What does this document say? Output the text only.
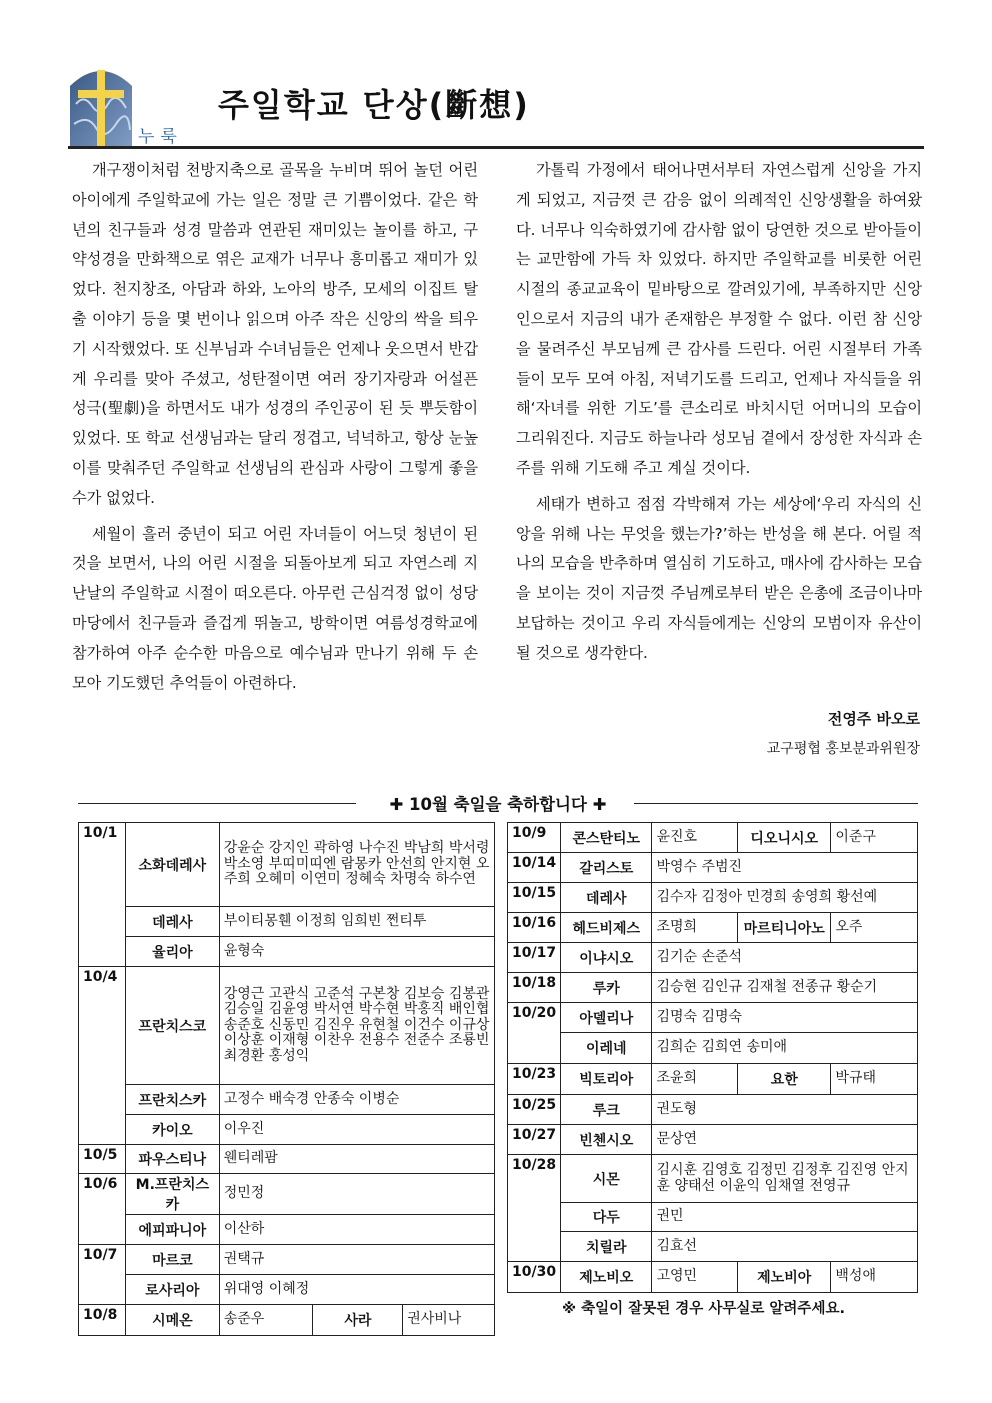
누룩
주일학교 단상(斷想)

개구쟁이처럼 천방지축으로 골목을 누비며 뛰어 놀던 어린아이에게 주일학교에 가는 일은 정말 큰 기쁨이었다. 같은 학년의 친구들과 성경 말씀과 연관된 재미있는 놀이를 하고, 구약성경을 만화책으로 엮은 교재가 너무나 흥미롭고 재미가 있었다. 천지창조, 아담과 하와, 노아의 방주, 모세의 이집트 탈출 이야기 등을 몇 번이나 읽으며 아주 작은 신앙의 싹을 틔우기 시작했었다. 또 신부님과 수녀님들은 언제나 웃으면서 반갑게 우리를 맞아 주셨고, 성탄절이면 여러 장기자랑과 어설픈 성극(聖劇)을 하면서도 내가 성경의 주인공이 된 듯 뿌듯함이 있었다. 또 학교 선생님과는 달리 정겹고, 넉넉하고, 항상 눈높이를 맞춰주던 주일학교 선생님의 관심과 사랑이 그렇게 좋을 수가 없었다.

세월이 흘러 중년이 되고 어린 자녀들이 어느덧 청년이 된 것을 보면서, 나의 어린 시절을 되돌아보게 되고 자연스레 지난날의 주일학교 시절이 떠오른다. 아무런 근심걱정 없이 성당 마당에서 친구들과 즐겁게 뛰놀고, 방학이면 여름성경학교에 참가하여 아주 순수한 마음으로 예수님과 만나기 위해 두 손 모아 기도했던 추억들이 아련하다.

가톨릭 가정에서 태어나면서부터 자연스럽게 신앙을 가지게 되었고, 지금껏 큰 감응 없이 의례적인 신앙생활을 하여왔다. 너무나 익숙하였기에 감사함 없이 당연한 것으로 받아들이는 교만함에 가득 차 있었다. 하지만 주일학교를 비롯한 어린 시절의 종교교육이 밑바탕으로 깔려있기에, 부족하지만 신앙인으로서 지금의 내가 존재함은 부정할 수 없다. 이런 참 신앙을 물려주신 부모님께 큰 감사를 드린다. 어린 시절부터 가족들이 모두 모여 아침, 저녁기도를 드리고, 언제나 자식들을 위해‘자녀를 위한 기도’를 큰소리로 바치시던 어머니의 모습이 그리워진다. 지금도 하늘나라 성모님 곁에서 장성한 자식과 손주를 위해 기도해 주고 계실 것이다.

세태가 변하고 점점 각박해져 가는 세상에‘우리 자식의 신앙을 위해 나는 무엇을 했는가?’하는 반성을 해 본다. 어릴 적 나의 모습을 반추하며 열심히 기도하고, 매사에 감사하는 모습을 보이는 것이 지금껏 주님께로부터 받은 은총에 조금이나마 보답하는 것이고 우리 자식들에게는 신앙의 모범이자 유산이 될 것으로 생각한다.

전영주 바오로
교구평협 홍보분과위원장
✚ 10월 축일을 축하합니다 ✚
10/1	소화데레사	강윤순 강지인 곽하영 나수진 박남희 박서령 박소영 부띠미띠엔 람몽카 안선희 안지현 오주희 오혜미 이연미 정혜숙 차명숙 하수연		
	데레사	부이티몽휀 이정희 임희빈 쩐티투		
	율리아	윤형숙		
10/4	프란치스코	강영근 고관식 고준석 구본창 김보승 김봉관 김승일 김윤영 박서연 박수현 박홍직 배인협 송준호 신동민 김진우 유현철 이건수 이규상 이상훈 이재형 이찬우 전용수 전준수 조룡빈 최경환 홍성익		
	프란치스카	고정수 배숙경 안종숙 이병순		
	카이오	이우진		
10/5	파우스티나	웬티레팜		
10/6	M.프란치스카	정민정		
	에피파니아	이산하		
10/7	마르코	권택규		
	로사리아	위대영 이혜정		
10/8	시메온	송준우	사라	권사비나
10/9	콘스탄티노	윤진호	디오니시오	이준구
10/14	갈리스토	박영수 주범진		
10/15	데레사	김수자 김정아 민경희 송영희 황선예		
10/16	헤드비제스	조명희	마르티니아노	오주
10/17	이냐시오	김기순 손준석		
10/18	루카	김승현 김인규 김재철 전종규 황순기		
10/20	아델리나	김명숙 김명숙		
	이레네	김희순 김희연 송미애		
10/23	빅토리아	조윤희	요한	박규태
10/25	루크	권도형		
10/27	빈첸시오	문상연		
10/28	시몬	김시훈 김영호 김정민 김정후 김진영 안지훈 양태선 이윤익 임채열 전영규		
	다두	권민		
	치릴라	김효선		
10/30	제노비오	고영민	제노비아	백성애
※ 축일이 잘못된 경우 사무실로 알려주세요.
